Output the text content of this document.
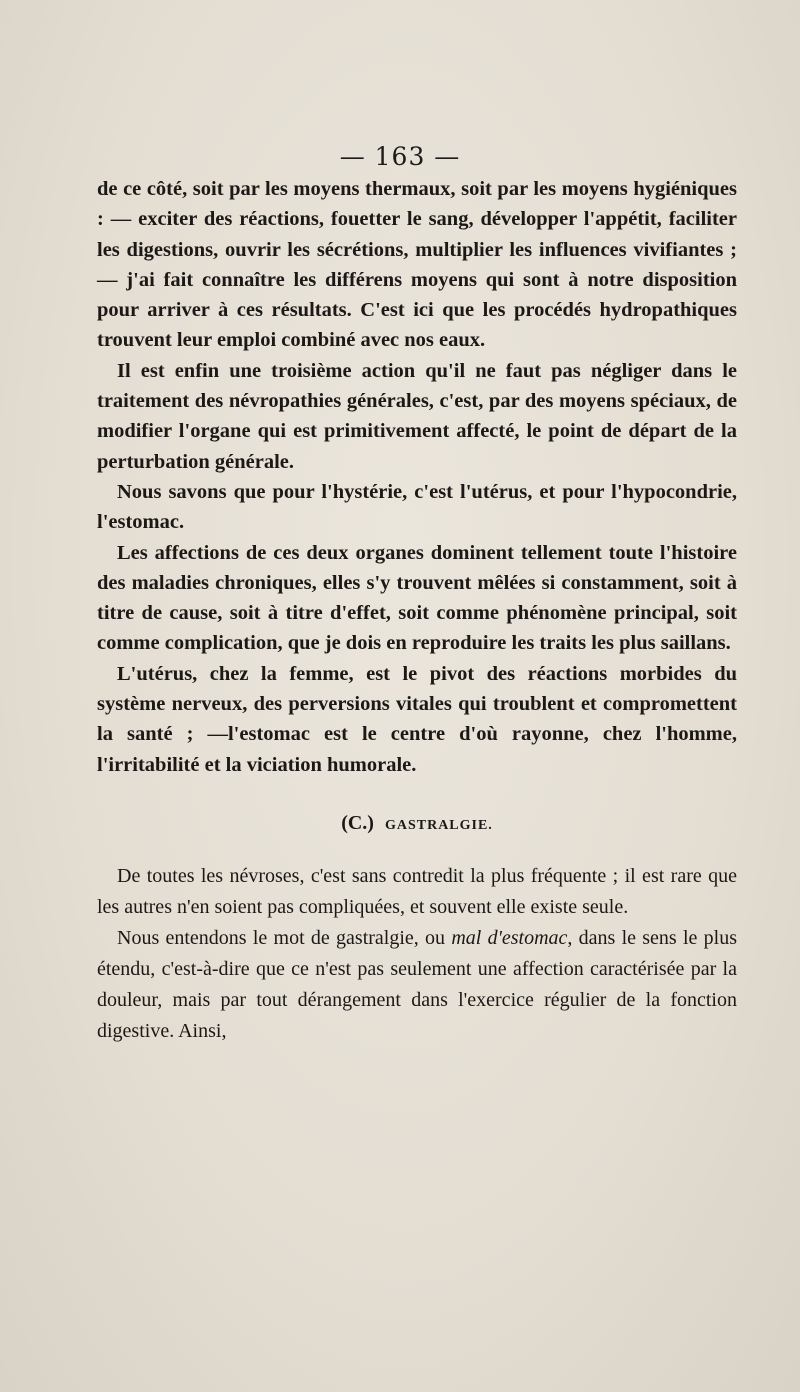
— 163 —

de ce côté, soit par les moyens thermaux, soit par les moyens hygiéniques : — exciter des réactions, fouetter le sang, développer l'appétit, faciliter les digestions, ouvrir les sécrétions, multiplier les influences vivifiantes ; — j'ai fait connaître les différens moyens qui sont à notre disposition pour arriver à ces résultats. C'est ici que les procédés hydropathiques trouvent leur emploi combiné avec nos eaux.

Il est enfin une troisième action qu'il ne faut pas négliger dans le traitement des névropathies générales, c'est, par des moyens spéciaux, de modifier l'organe qui est primitivement affecté, le point de départ de la perturbation générale.

Nous savons que pour l'hystérie, c'est l'utérus, et pour l'hypocondrie, l'estomac.

Les affections de ces deux organes dominent tellement toute l'histoire des maladies chroniques, elles s'y trouvent mêlées si constamment, soit à titre de cause, soit à titre d'effet, soit comme phénomène principal, soit comme complication, que je dois en reproduire les traits les plus saillans.

L'utérus, chez la femme, est le pivot des réactions morbides du système nerveux, des perversions vitales qui troublent et compromettent la santé ; —l'estomac est le centre d'où rayonne, chez l'homme, l'irritabilité et la viciation humorale.

(C.) GASTRALGIE.

De toutes les névroses, c'est sans contredit la plus fréquente ; il est rare que les autres n'en soient pas compliquées, et souvent elle existe seule.

Nous entendons le mot de gastralgie, ou mal d'estomac, dans le sens le plus étendu, c'est-à-dire que ce n'est pas seulement une affection caractérisée par la douleur, mais par tout dérangement dans l'exercice régulier de la fonction digestive. Ainsi,
